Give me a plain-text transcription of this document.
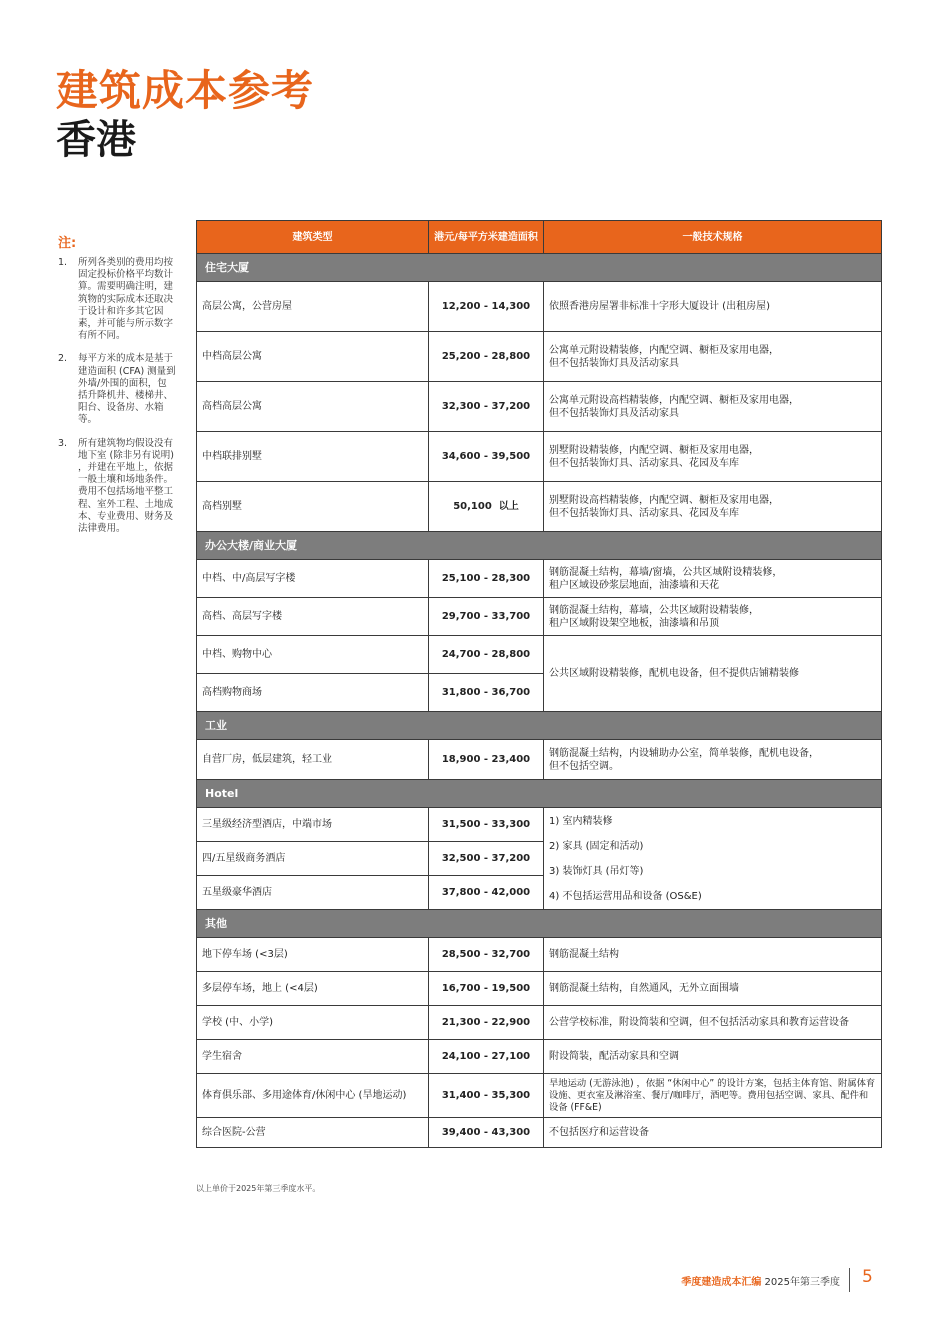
建筑成本参考
香港
注:
1.	所列各类别的费用均按固定投标价格平均数计算。需要明确注明，建筑物的实际成本还取决于设计和许多其它因素，并可能与所示数字有所不同。
2.	每平方米的成本是基于建造面积 (CFA) 测量到外墙/外围的面积，包括升降机井、楼梯井、阳台、设备房、水箱等。
3.	所有建筑物均假设没有地下室 (除非另有说明) ，并建在平地上，依据一般土壤和场地条件。费用不包括场地平整工程、室外工程、土地成本、专业费用、财务及法律费用。
建筑类型	港元/每平方米建造面积	一般技术规格
住宅大厦		
高层公寓，公营房屋	12,200 - 14,300	依照香港房屋署非标准十字形大厦设计 (出租房屋)
中档高层公寓	25,200 - 28,800	公寓单元附设精装修，内配空调、橱柜及家用电器，
但不包括装饰灯具及活动家具
高档高层公寓	32,300 - 37,200	公寓单元附设高档精装修，内配空调、橱柜及家用电器，
但不包括装饰灯具及活动家具
中档联排别墅	34,600 - 39,500	别墅附设精装修，内配空调、橱柜及家用电器，
但不包括装饰灯具、活动家具、花园及车库
高档别墅	50,100  以上	别墅附设高档精装修，内配空调、橱柜及家用电器，
但不包括装饰灯具、活动家具、花园及车库
办公大楼/商业大厦		
中档、中/高层写字楼	25,100 - 28,300	钢筋混凝土结构，幕墙/窗墙，公共区域附设精装修，
租户区域设砂浆层地面，油漆墙和天花
高档、高层写字楼	29,700 - 33,700	钢筋混凝土结构，幕墙，公共区域附设精装修，
租户区域附设架空地板，油漆墙和吊顶
中档、购物中心	24,700 - 28,800	公共区域附设精装修，配机电设备，但不提供店铺精装修
高档购物商场	31,800 - 36,700	
工业		
自营厂房，低层建筑，轻工业	18,900 - 23,400	钢筋混凝土结构，内设辅助办公室，简单装修，配机电设备，
但不包括空调。
Hotel		
三星级经济型酒店，中端市场	31,500 - 33,300	1) 室内精装修
2) 家具 (固定和活动)
3) 装饰灯具 (吊灯等)
4) 不包括运营用品和设备 (OS&E)

四/五星级商务酒店	32,500 - 37,200	
五星级豪华酒店	37,800 - 42,000	
其他		
地下停车场 (<3层)	28,500 - 32,700	钢筋混凝土结构
多层停车场，地上 (<4层)	16,700 - 19,500	钢筋混凝土结构，自然通风，无外立面围墙
学校 (中、小学)	21,300 - 22,900	公营学校标准，附设简装和空调，但不包括活动家具和教育运营设备
学生宿舍	24,100 - 27,100	附设简装，配活动家具和空调
体育俱乐部、多用途体育/休闲中心 (旱地运动)	31,400 - 35,300	旱地运动 (无游泳池) ，依据 “休闲中心” 的设计方案，包括主体育馆、附属体育设施、更衣室及淋浴室、餐厅/咖啡厅，酒吧等。费用包括空调、家具、配件和设备 (FF&E)
综合医院-公营	39,400 - 43,300	不包括医疗和运营设备
以上单价于2025年第三季度水平。
季度建造成本汇编 2025年第三季度 5
